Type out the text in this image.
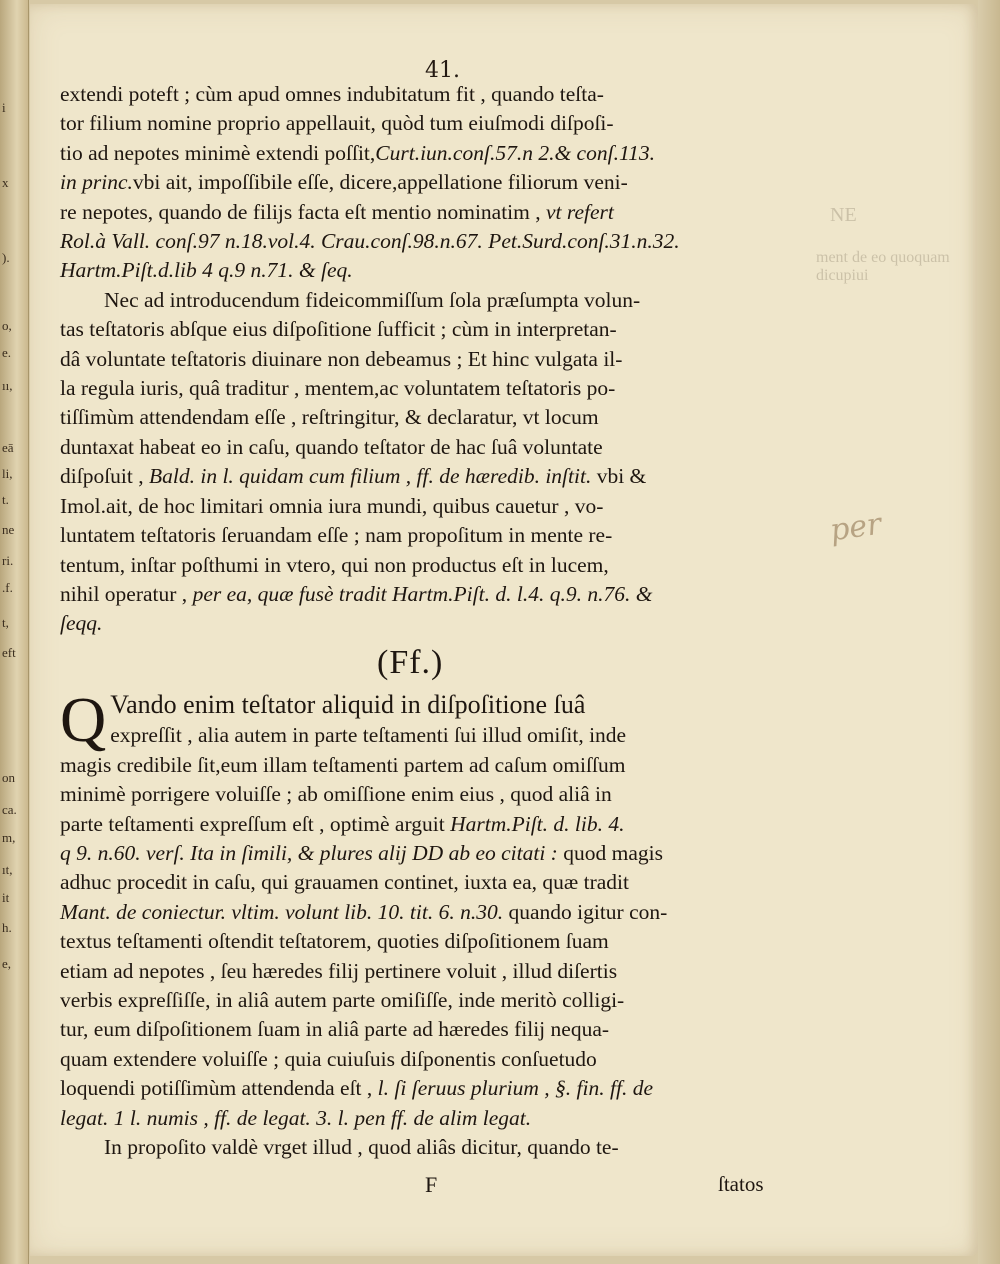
i
x
).
o,
e.
ıı,
eā
li,
t.
ne
ri.
.f.
t,
eft
on
ca.
m,
ıt,
it
h.
e,
41.
NE
ment de eo quoquam dicupiui
extendi poteft ; cùm apud omnes indubitatum fit , quando teſta-
tor filium nomine proprio appellauit, quòd tum eiuſmodi diſpoſi-
tio ad nepotes minimè extendi poſſit,Curt.iun.conſ.57.n 2.& conſ.113.
in princ.vbi ait, impoſſibile eſſe, dicere,appellatione filiorum veni-
re nepotes, quando de filijs facta eſt mentio nominatim , vt refert
Rol.à Vall. conſ.97 n.18.vol.4. Crau.conſ.98.n.67. Pet.Surd.conſ.31.n.32.
Hartm.Piſt.d.lib 4 q.9 n.71. & ſeq.
Nec ad introducendum fideicommiſſum ſola præſumpta volun-
tas teſtatoris abſque eius diſpoſitione ſufficit ; cùm in interpretan-
dâ voluntate teſtatoris diuinare non debeamus ; Et hinc vulgata il-
la regula iuris, quâ traditur , mentem,ac voluntatem teſtatoris po-
tiſſimùm attendendam eſſe , reſtringitur, & declaratur, vt locum
duntaxat habeat eo in caſu, quando teſtator de hac ſuâ voluntate
diſpoſuit , Bald. in l. quidam cum filium , ff. de hæredib. inſtit. vbi &
Imol.ait, de hoc limitari omnia iura mundi, quibus cauetur , vo-
luntatem teſtatoris ſeruandam eſſe ; nam propoſitum in mente re-
tentum, inſtar poſthumi in vtero, qui non productus eſt in lucem,
nihil operatur , per ea, quæ fusè tradit Hartm.Piſt. d. l.4. q.9. n.76. &
ſeqq.
(Ff.)
Q Vando enim teſtator aliquid in diſpoſitione ſuâ
expreſſit , alia autem in parte teſtamenti ſui illud omiſit, inde
magis credibile ſit,eum illam teſtamenti partem ad caſum omiſſum
minimè porrigere voluiſſe ; ab omiſſione enim eius , quod aliâ in
parte teſtamenti expreſſum eſt , optimè arguit Hartm.Piſt. d. lib. 4.
q 9. n.60. verſ. Ita in ſimili, & plures alij DD ab eo citati : quod magis
adhuc procedit in caſu, qui grauamen continet, iuxta ea, quæ tradit
Mant. de coniectur. vltim. volunt lib. 10. tit. 6. n.30. quando igitur con-
textus teſtamenti oſtendit teſtatorem, quoties diſpoſitionem ſuam
etiam ad nepotes , ſeu hæredes filij pertinere voluit , illud diſertis
verbis expreſſiſſe, in aliâ autem parte omiſiſſe, inde meritò colligi-
tur, eum diſpoſitionem ſuam in aliâ parte ad hæredes filij nequa-
quam extendere voluiſſe ; quia cuiuſuis diſponentis conſuetudo
loquendi potiſſimùm attendenda eſt , l. ſi ſeruus plurium , §. fin. ff. de
legat. 1 l. numis , ff. de legat. 3. l. pen ff. de alim legat.
In propoſito valdè vrget illud , quod aliâs dicitur, quando te-
F	ſtatos
per
